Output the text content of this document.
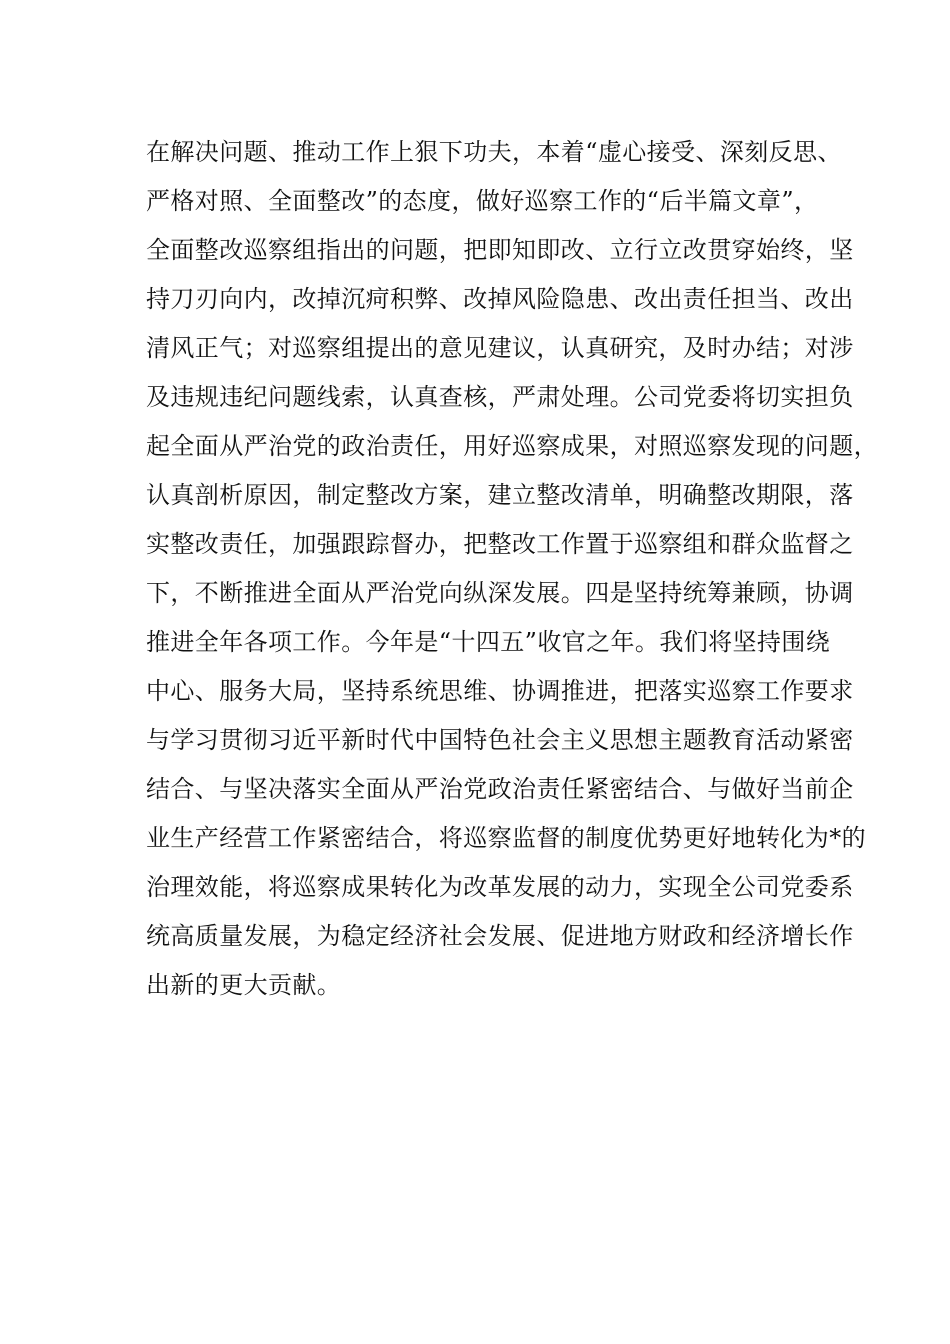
在解决问题、推动工作上狠下功夫，本着“虚心接受、深刻反思、

严格对照、全面整改”的态度，做好巡察工作的“后半篇文章”，

全面整改巡察组指出的问题，把即知即改、立行立改贯穿始终，坚

持刀刃向内，改掉沉疴积弊、改掉风险隐患、改出责任担当、改出

清风正气；对巡察组提出的意见建议，认真研究，及时办结；对涉

及违规违纪问题线索，认真查核，严肃处理。公司党委将切实担负

起全面从严治党的政治责任，用好巡察成果，对照巡察发现的问题，

认真剖析原因，制定整改方案，建立整改清单，明确整改期限，落

实整改责任，加强跟踪督办，把整改工作置于巡察组和群众监督之

下，不断推进全面从严治党向纵深发展。四是坚持统筹兼顾，协调

推进全年各项工作。今年是“十四五”收官之年。我们将坚持围绕

中心、服务大局，坚持系统思维、协调推进，把落实巡察工作要求

与学习贯彻习近平新时代中国特色社会主义思想主题教育活动紧密

结合、与坚决落实全面从严治党政治责任紧密结合、与做好当前企

业生产经营工作紧密结合，将巡察监督的制度优势更好地转化为*的

治理效能，将巡察成果转化为改革发展的动力，实现全公司党委系

统高质量发展，为稳定经济社会发展、促进地方财政和经济增长作

出新的更大贡献。
